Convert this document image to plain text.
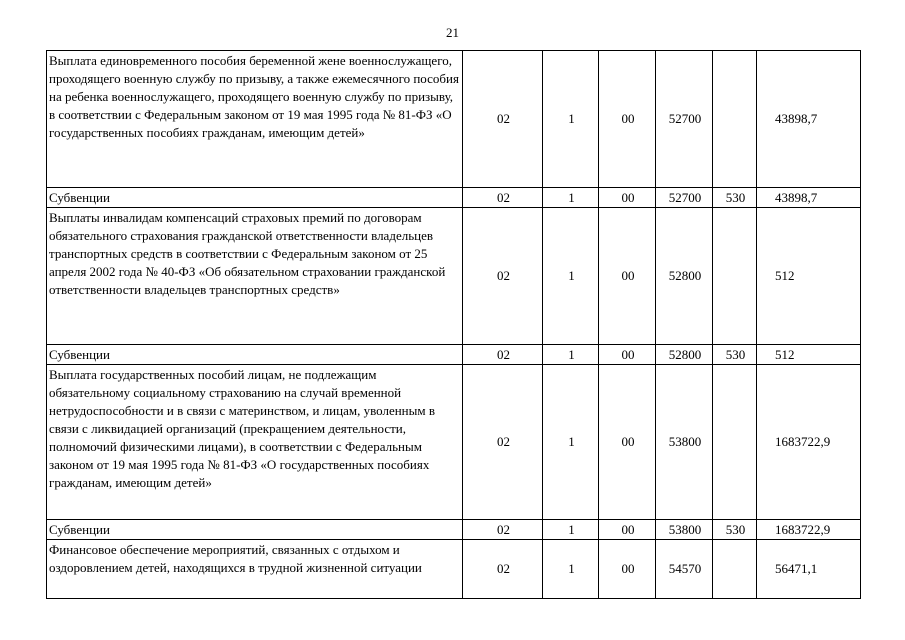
21
Выплата единовременного пособия беременной жене военнослужащего, проходящего военную службу по призыву, а также ежемесячного пособия на ребенка военнослужащего, проходящего военную службу по призыву, в соответствии с Федеральным законом от 19 мая 1995 года № 81-ФЗ «О государственных пособиях гражданам, имеющим детей»	02	1	00	52700		43898,7
Субвенции	02	1	00	52700	530	43898,7
Выплаты инвалидам компенсаций страховых премий по договорам обязательного страхования гражданской ответственности владельцев транспортных средств в соответствии с Федеральным законом от 25 апреля 2002 года № 40-ФЗ «Об обязательном страховании гражданской ответственности владельцев транспортных средств»	02	1	00	52800		512
Субвенции	02	1	00	52800	530	512
Выплата государственных пособий лицам, не подлежащим обязательному социальному страхованию на случай временной нетрудоспособности и в связи с материнством, и лицам, уволенным в связи с ликвидацией организаций (прекращением деятельности, полномочий физическими лицами), в соответствии с Федеральным законом от 19 мая 1995 года № 81-ФЗ «О государственных пособиях гражданам, имеющим детей»	02	1	00	53800		1683722,9
Субвенции	02	1	00	53800	530	1683722,9
Финансовое обеспечение мероприятий, связанных с отдыхом и оздоровлением детей, находящихся в трудной жизненной ситуации	02	1	00	54570		56471,1
